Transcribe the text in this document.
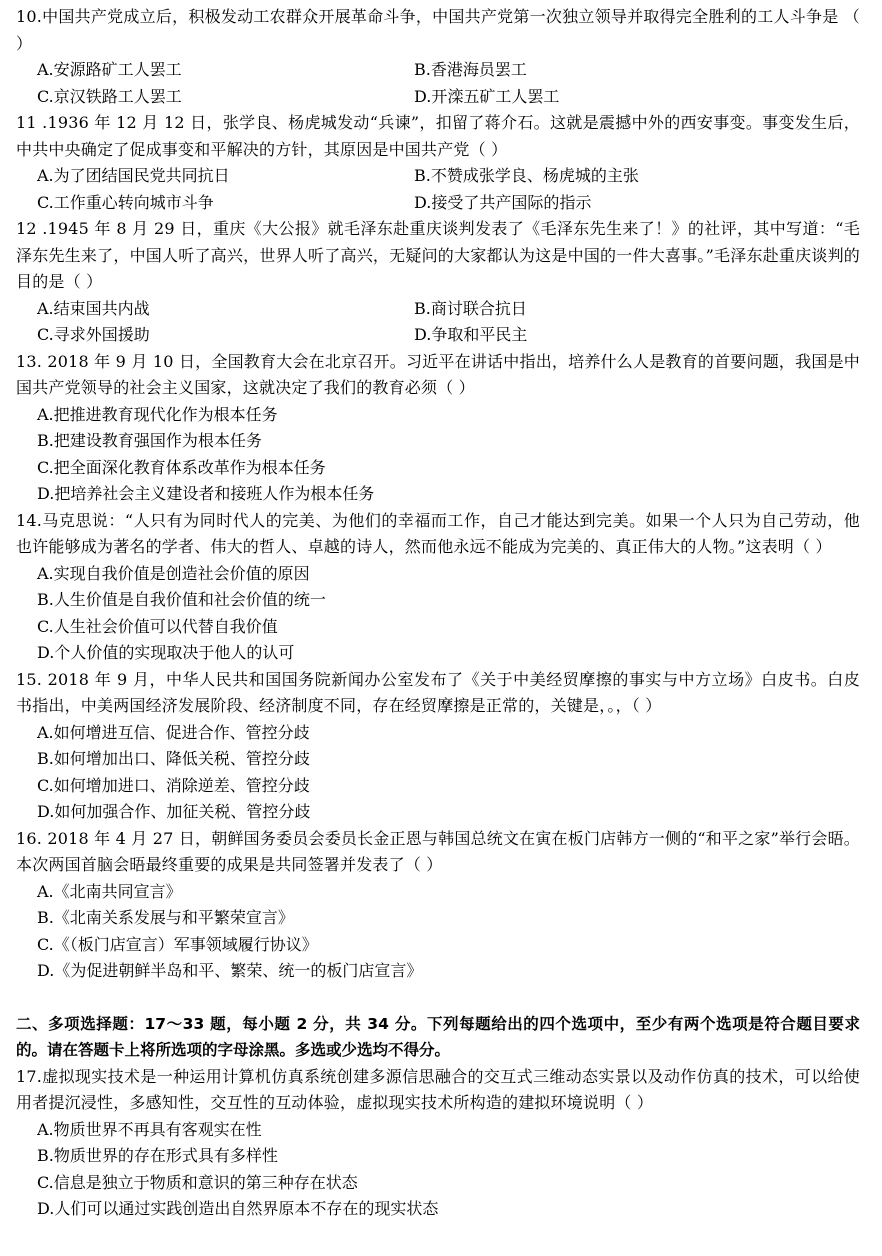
10.中国共产党成立后，积极发动工农群众开展革命斗争，中国共产党第一次独立领导并取得完全胜利的工人斗争是 （ ）

A.安源路矿工人罢工	B.香港海员罢工
C.京汉铁路工人罢工	D.开滦五矿工人罢工

11 .1936 年 12 月 12 日，张学良、杨虎城发动“兵谏”，扣留了蒋介石。这就是震撼中外的西安事变。事变发生后，中共中央确定了促成事变和平解决的方针，其原因是中国共产党（ ）

A.为了团结国民党共同抗日	B.不赞成张学良、杨虎城的主张
C.工作重心转向城市斗争	D.接受了共产国际的指示

12 .1945 年 8 月 29 日，重庆《大公报》就毛泽东赴重庆谈判发表了《毛泽东先生来了！》的社评，其中写道：“毛泽东先生来了，中国人听了高兴，世界人听了高兴，无疑问的大家都认为这是中国的一件大喜事。”毛泽东赴重庆谈判的目的是（ ）

A.结束国共内战	B.商讨联合抗日
C.寻求外国援助	D.争取和平民主

13. 2018 年 9 月 10 日，全国教育大会在北京召开。习近平在讲话中指出，培养什么人是教育的首要问题，我国是中国共产党领导的社会主义国家，这就决定了我们的教育必须（ ）

A.把推进教育现代化作为根本任务
B.把建设教育强国作为根本任务
C.把全面深化教育体系改革作为根本任务
D.把培养社会主义建设者和接班人作为根本任务

14.马克思说：“人只有为同时代人的完美、为他们的幸福而工作，自己才能达到完美。如果一个人只为自己劳动，他也许能够成为著名的学者、伟大的哲人、卓越的诗人，然而他永远不能成为完美的、真正伟大的人物。”这表明（ ）

A.实现自我价值是创造社会价值的原因
B.人生价值是自我价值和社会价值的统一
C.人生社会价值可以代替自我价值
D.个人价值的实现取决于他人的认可

15. 2018 年 9 月，中华人民共和国国务院新闻办公室发布了《关于中美经贸摩擦的事实与中方立场》白皮书。白皮书指出，中美两国经济发展阶段、经济制度不同，存在经贸摩擦是正常的，关键是，。，（ ）

A.如何增进互信、促进合作、管控分歧
B.如何增加出口、降低关税、管控分歧
C.如何增加进口、消除逆差、管控分歧
D.如何加强合作、加征关税、管控分歧

16. 2018 年 4 月 27 日，朝鲜国务委员会委员长金正恩与韩国总统文在寅在板门店韩方一侧的“和平之家”举行会晤。本次两国首脑会晤最终重要的成果是共同签署并发表了（ ）

A.《北南共同宣言》
B.《北南关系发展与和平繁荣宣言》
C.《（板门店宣言）军事领域履行协议》
D.《为促进朝鲜半岛和平、繁荣、统一的板门店宣言》

二、多项选择题：17～33 题，每小题 2 分，共 34 分。下列每题给出的四个选项中，至少有两个选项是符合题目要求的。请在答题卡上将所选项的字母涂黑。多选或少选均不得分。

17.虚拟现实技术是一种运用计算机仿真系统创建多源信思融合的交互式三维动态实景以及动作仿真的技术，可以给使用者提沉浸性，多感知性，交互性的互动体验，虚拟现实技术所构造的建拟环境说明（ ）

A.物质世界不再具有客观实在性
B.物质世界的存在形式具有多样性
C.信息是独立于物质和意识的第三种存在状态
D.人们可以通过实践创造出自然界原本不存在的现实状态
